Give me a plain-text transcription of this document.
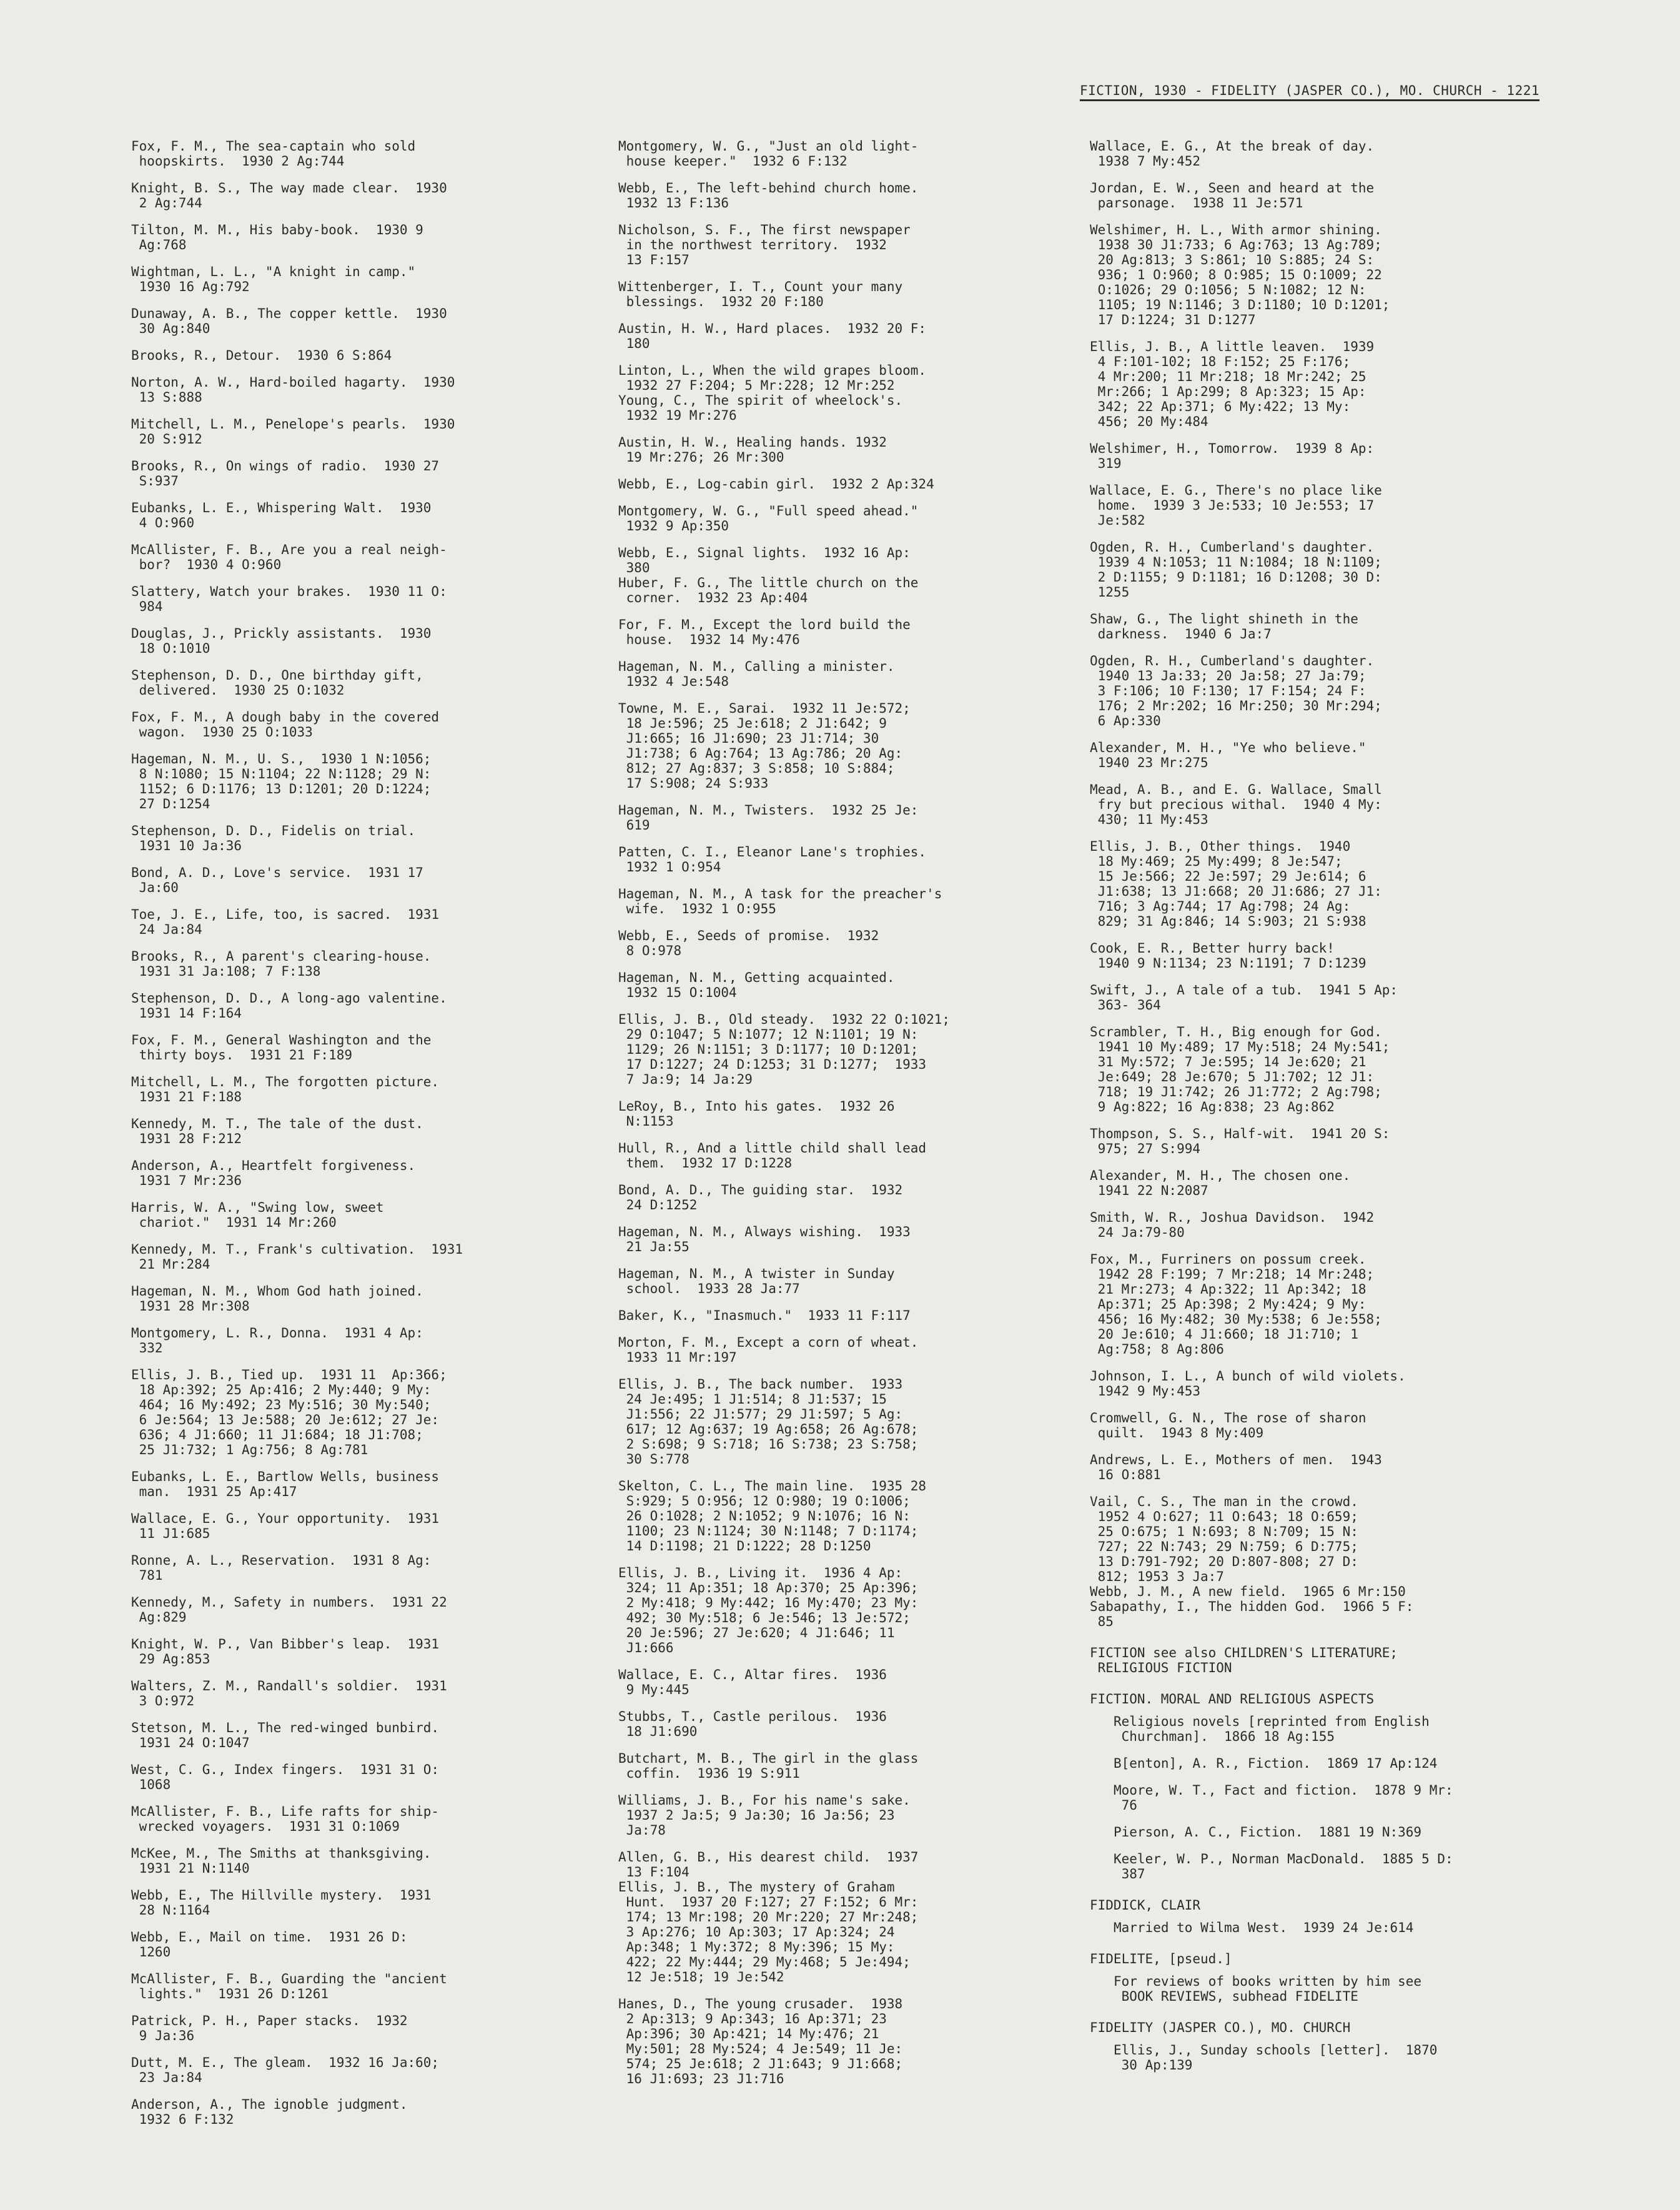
FICTION, 1930 - FIDELITY (JASPER CO.), MO. CHURCH - 1221
Fox, F. M., The sea-captain who sold
hoopskirts.  1930 2 Ag:744
Knight, B. S., The way made clear.  1930
2 Ag:744
Tilton, M. M., His baby-book.  1930 9
Ag:768
Wightman, L. L., "A knight in camp."
1930 16 Ag:792
Dunaway, A. B., The copper kettle.  1930
30 Ag:840
Brooks, R., Detour.  1930 6 S:864
Norton, A. W., Hard-boiled hagarty.  1930
13 S:888
Mitchell, L. M., Penelope's pearls.  1930
20 S:912
Brooks, R., On wings of radio.  1930 27
S:937
Eubanks, L. E., Whispering Walt.  1930
4 O:960
McAllister, F. B., Are you a real neigh-
bor?  1930 4 O:960
Slattery, Watch your brakes.  1930 11 O:
984
Douglas, J., Prickly assistants.  1930
18 O:1010
Stephenson, D. D., One birthday gift,
delivered.  1930 25 O:1032
Fox, F. M., A dough baby in the covered
wagon.  1930 25 O:1033
Hageman, N. M., U. S.,  1930 1 N:1056;
8 N:1080; 15 N:1104; 22 N:1128; 29 N:
1152; 6 D:1176; 13 D:1201; 20 D:1224;
27 D:1254
Stephenson, D. D., Fidelis on trial.
1931 10 Ja:36
Bond, A. D., Love's service.  1931 17
Ja:60
Toe, J. E., Life, too, is sacred.  1931
24 Ja:84
Brooks, R., A parent's clearing-house.
1931 31 Ja:108; 7 F:138
Stephenson, D. D., A long-ago valentine.
1931 14 F:164
Fox, F. M., General Washington and the
thirty boys.  1931 21 F:189
Mitchell, L. M., The forgotten picture.
1931 21 F:188
Kennedy, M. T., The tale of the dust.
1931 28 F:212
Anderson, A., Heartfelt forgiveness.
1931 7 Mr:236
Harris, W. A., "Swing low, sweet
chariot."  1931 14 Mr:260
Kennedy, M. T., Frank's cultivation.  1931
21 Mr:284
Hageman, N. M., Whom God hath joined.
1931 28 Mr:308
Montgomery, L. R., Donna.  1931 4 Ap:
332
Ellis, J. B., Tied up.  1931 11  Ap:366;
18 Ap:392; 25 Ap:416; 2 My:440; 9 My:
464; 16 My:492; 23 My:516; 30 My:540;
6 Je:564; 13 Je:588; 20 Je:612; 27 Je:
636; 4 J1:660; 11 J1:684; 18 J1:708;
25 J1:732; 1 Ag:756; 8 Ag:781
Eubanks, L. E., Bartlow Wells, business
man.  1931 25 Ap:417
Wallace, E. G., Your opportunity.  1931
11 J1:685
Ronne, A. L., Reservation.  1931 8 Ag:
781
Kennedy, M., Safety in numbers.  1931 22
Ag:829
Knight, W. P., Van Bibber's leap.  1931
29 Ag:853
Walters, Z. M., Randall's soldier.  1931
3 O:972
Stetson, M. L., The red-winged bunbird.
1931 24 O:1047
West, C. G., Index fingers.  1931 31 O:
1068
McAllister, F. B., Life rafts for ship-
wrecked voyagers.  1931 31 O:1069
McKee, M., The Smiths at thanksgiving.
1931 21 N:1140
Webb, E., The Hillville mystery.  1931
28 N:1164
Webb, E., Mail on time.  1931 26 D:
1260
McAllister, F. B., Guarding the "ancient
lights."  1931 26 D:1261
Patrick, P. H., Paper stacks.  1932
9 Ja:36
Dutt, M. E., The gleam.  1932 16 Ja:60;
23 Ja:84
Anderson, A., The ignoble judgment.
1932 6 F:132
Montgomery, W. G., "Just an old light-
house keeper."  1932 6 F:132
Webb, E., The left-behind church home.
1932 13 F:136
Nicholson, S. F., The first newspaper
in the northwest territory.  1932
13 F:157
Wittenberger, I. T., Count your many
blessings.  1932 20 F:180
Austin, H. W., Hard places.  1932 20 F:
180
Linton, L., When the wild grapes bloom.
1932 27 F:204; 5 Mr:228; 12 Mr:252
Young, C., The spirit of wheelock's.
1932 19 Mr:276
Austin, H. W., Healing hands. 1932
19 Mr:276; 26 Mr:300
Webb, E., Log-cabin girl.  1932 2 Ap:324
Montgomery, W. G., "Full speed ahead."
1932 9 Ap:350
Webb, E., Signal lights.  1932 16 Ap:
380
Huber, F. G., The little church on the
corner.  1932 23 Ap:404
For, F. M., Except the lord build the
house.  1932 14 My:476
Hageman, N. M., Calling a minister.
1932 4 Je:548
Towne, M. E., Sarai.  1932 11 Je:572;
18 Je:596; 25 Je:618; 2 J1:642; 9
J1:665; 16 J1:690; 23 J1:714; 30
J1:738; 6 Ag:764; 13 Ag:786; 20 Ag:
812; 27 Ag:837; 3 S:858; 10 S:884;
17 S:908; 24 S:933
Hageman, N. M., Twisters.  1932 25 Je:
619
Patten, C. I., Eleanor Lane's trophies.
1932 1 O:954
Hageman, N. M., A task for the preacher's
wife.  1932 1 O:955
Webb, E., Seeds of promise.  1932
8 O:978
Hageman, N. M., Getting acquainted.
1932 15 O:1004
Ellis, J. B., Old steady.  1932 22 O:1021;
29 O:1047; 5 N:1077; 12 N:1101; 19 N:
1129; 26 N:1151; 3 D:1177; 10 D:1201;
17 D:1227; 24 D:1253; 31 D:1277;  1933
7 Ja:9; 14 Ja:29
LeRoy, B., Into his gates.  1932 26
N:1153
Hull, R., And a little child shall lead
them.  1932 17 D:1228
Bond, A. D., The guiding star.  1932
24 D:1252
Hageman, N. M., Always wishing.  1933
21 Ja:55
Hageman, N. M., A twister in Sunday
school.  1933 28 Ja:77
Baker, K., "Inasmuch."  1933 11 F:117
Morton, F. M., Except a corn of wheat.
1933 11 Mr:197
Ellis, J. B., The back number.  1933
24 Je:495; 1 J1:514; 8 J1:537; 15
J1:556; 22 J1:577; 29 J1:597; 5 Ag:
617; 12 Ag:637; 19 Ag:658; 26 Ag:678;
2 S:698; 9 S:718; 16 S:738; 23 S:758;
30 S:778
Skelton, C. L., The main line.  1935 28
S:929; 5 O:956; 12 O:980; 19 O:1006;
26 O:1028; 2 N:1052; 9 N:1076; 16 N:
1100; 23 N:1124; 30 N:1148; 7 D:1174;
14 D:1198; 21 D:1222; 28 D:1250
Ellis, J. B., Living it.  1936 4 Ap:
324; 11 Ap:351; 18 Ap:370; 25 Ap:396;
2 My:418; 9 My:442; 16 My:470; 23 My:
492; 30 My:518; 6 Je:546; 13 Je:572;
20 Je:596; 27 Je:620; 4 J1:646; 11
J1:666
Wallace, E. C., Altar fires.  1936
9 My:445
Stubbs, T., Castle perilous.  1936
18 J1:690
Butchart, M. B., The girl in the glass
coffin.  1936 19 S:911
Williams, J. B., For his name's sake.
1937 2 Ja:5; 9 Ja:30; 16 Ja:56; 23
Ja:78
Allen, G. B., His dearest child.  1937
13 F:104
Ellis, J. B., The mystery of Graham
Hunt.  1937 20 F:127; 27 F:152; 6 Mr:
174; 13 Mr:198; 20 Mr:220; 27 Mr:248;
3 Ap:276; 10 Ap:303; 17 Ap:324; 24
Ap:348; 1 My:372; 8 My:396; 15 My:
422; 22 My:444; 29 My:468; 5 Je:494;
12 Je:518; 19 Je:542
Hanes, D., The young crusader.  1938
2 Ap:313; 9 Ap:343; 16 Ap:371; 23
Ap:396; 30 Ap:421; 14 My:476; 21
My:501; 28 My:524; 4 Je:549; 11 Je:
574; 25 Je:618; 2 J1:643; 9 J1:668;
16 J1:693; 23 J1:716
Wallace, E. G., At the break of day.
1938 7 My:452
Jordan, E. W., Seen and heard at the
parsonage.  1938 11 Je:571
Welshimer, H. L., With armor shining.
1938 30 J1:733; 6 Ag:763; 13 Ag:789;
20 Ag:813; 3 S:861; 10 S:885; 24 S:
936; 1 O:960; 8 O:985; 15 O:1009; 22
O:1026; 29 O:1056; 5 N:1082; 12 N:
1105; 19 N:1146; 3 D:1180; 10 D:1201;
17 D:1224; 31 D:1277
Ellis, J. B., A little leaven.  1939
4 F:101-102; 18 F:152; 25 F:176;
4 Mr:200; 11 Mr:218; 18 Mr:242; 25
Mr:266; 1 Ap:299; 8 Ap:323; 15 Ap:
342; 22 Ap:371; 6 My:422; 13 My:
456; 20 My:484
Welshimer, H., Tomorrow.  1939 8 Ap:
319
Wallace, E. G., There's no place like
home.  1939 3 Je:533; 10 Je:553; 17
Je:582
Ogden, R. H., Cumberland's daughter.
1939 4 N:1053; 11 N:1084; 18 N:1109;
2 D:1155; 9 D:1181; 16 D:1208; 30 D:
1255
Shaw, G., The light shineth in the
darkness.  1940 6 Ja:7
Ogden, R. H., Cumberland's daughter.
1940 13 Ja:33; 20 Ja:58; 27 Ja:79;
3 F:106; 10 F:130; 17 F:154; 24 F:
176; 2 Mr:202; 16 Mr:250; 30 Mr:294;
6 Ap:330
Alexander, M. H., "Ye who believe."
1940 23 Mr:275
Mead, A. B., and E. G. Wallace, Small
fry but precious withal.  1940 4 My:
430; 11 My:453
Ellis, J. B., Other things.  1940
18 My:469; 25 My:499; 8 Je:547;
15 Je:566; 22 Je:597; 29 Je:614; 6
J1:638; 13 J1:668; 20 J1:686; 27 J1:
716; 3 Ag:744; 17 Ag:798; 24 Ag:
829; 31 Ag:846; 14 S:903; 21 S:938
Cook, E. R., Better hurry back!
1940 9 N:1134; 23 N:1191; 7 D:1239
Swift, J., A tale of a tub.  1941 5 Ap:
363- 364
Scrambler, T. H., Big enough for God.
1941 10 My:489; 17 My:518; 24 My:541;
31 My:572; 7 Je:595; 14 Je:620; 21
Je:649; 28 Je:670; 5 J1:702; 12 J1:
718; 19 J1:742; 26 J1:772; 2 Ag:798;
9 Ag:822; 16 Ag:838; 23 Ag:862
Thompson, S. S., Half-wit.  1941 20 S:
975; 27 S:994
Alexander, M. H., The chosen one.
1941 22 N:2087
Smith, W. R., Joshua Davidson.  1942
24 Ja:79-80
Fox, M., Furriners on possum creek.
1942 28 F:199; 7 Mr:218; 14 Mr:248;
21 Mr:273; 4 Ap:322; 11 Ap:342; 18
Ap:371; 25 Ap:398; 2 My:424; 9 My:
456; 16 My:482; 30 My:538; 6 Je:558;
20 Je:610; 4 J1:660; 18 J1:710; 1
Ag:758; 8 Ag:806
Johnson, I. L., A bunch of wild violets.
1942 9 My:453
Cromwell, G. N., The rose of sharon
quilt.  1943 8 My:409
Andrews, L. E., Mothers of men.  1943
16 O:881
Vail, C. S., The man in the crowd.
1952 4 O:627; 11 O:643; 18 O:659;
25 O:675; 1 N:693; 8 N:709; 15 N:
727; 22 N:743; 29 N:759; 6 D:775;
13 D:791-792; 20 D:807-808; 27 D:
812; 1953 3 Ja:7
Webb, J. M., A new field.  1965 6 Mr:150
Sabapathy, I., The hidden God.  1966 5 F:
85
FICTION see also CHILDREN'S LITERATURE;
RELIGIOUS FICTION
FICTION. MORAL AND RELIGIOUS ASPECTS
Religious novels [reprinted from English
Churchman].  1866 18 Ag:155
B[enton], A. R., Fiction.  1869 17 Ap:124
Moore, W. T., Fact and fiction.  1878 9 Mr:
76
Pierson, A. C., Fiction.  1881 19 N:369
Keeler, W. P., Norman MacDonald.  1885 5 D:
387
FIDDICK, CLAIR
Married to Wilma West.  1939 24 Je:614
FIDELITE, [pseud.]
For reviews of books written by him see
BOOK REVIEWS, subhead FIDELITE
FIDELITY (JASPER CO.), MO. CHURCH
Ellis, J., Sunday schools [letter].  1870
30 Ap:139
